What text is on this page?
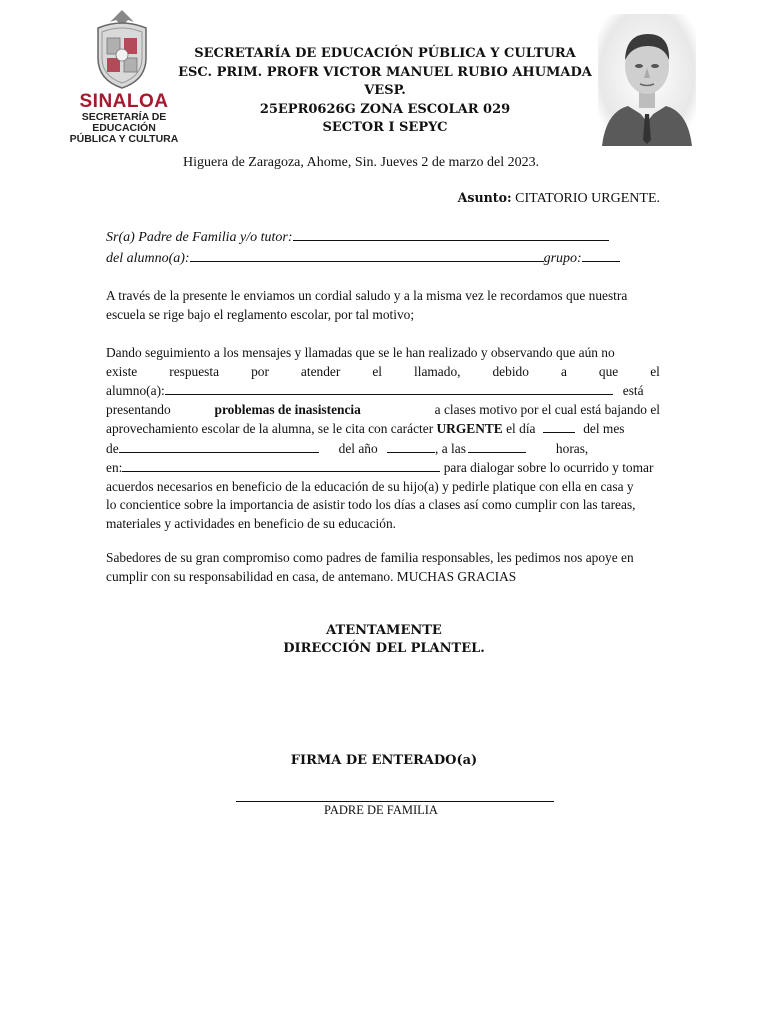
SINALOA
SECRETARÍA DE
EDUCACIÓN
PÚBLICA Y CULTURA
SECRETARÍA DE EDUCACIÓN PÚBLICA Y CULTURA
ESC. PRIM. PROFR VICTOR MANUEL RUBIO AHUMADA VESP.
25EPR0626G ZONA ESCOLAR 029
SECTOR I SEPYC
Higuera de Zaragoza, Ahome, Sin. Jueves 2 de marzo del 2023.
Asunto: CITATORIO URGENTE.
Sr(a) Padre de Familia y/o tutor:
del alumno(a):	grupo:
A través de la presente le enviamos un cordial saludo y a la misma vez le recordamos que nuestra
escuela se rige bajo el reglamento escolar, por tal motivo;
Dando seguimiento a los mensajes y llamadas que se le han realizado y observando que aún no
existe respuesta por atender el llamado, debido a que el
alumno(a):	está
presentando	problemas de inasistencia	a clases motivo por el cual está bajando el
aprovechamiento escolar de la alumna, se le cita con carácter URGENTE el día	del mes
de	del año	, a las	horas,
en:	para dialogar sobre lo ocurrido y tomar
acuerdos necesarios en beneficio de la educación de su hijo(a) y pedirle platique con ella en casa y
lo concientice sobre la importancia de asistir todo los días a clases así como cumplir con las tareas,
materiales y actividades en beneficio de su educación.
Sabedores de su gran compromiso como padres de familia responsables, les pedimos nos apoye en
cumplir con su responsabilidad en casa, de antemano. MUCHAS GRACIAS
ATENTAMENTE
DIRECCIÓN DEL PLANTEL.
FIRMA DE ENTERADO(a)
PADRE DE FAMILIA
